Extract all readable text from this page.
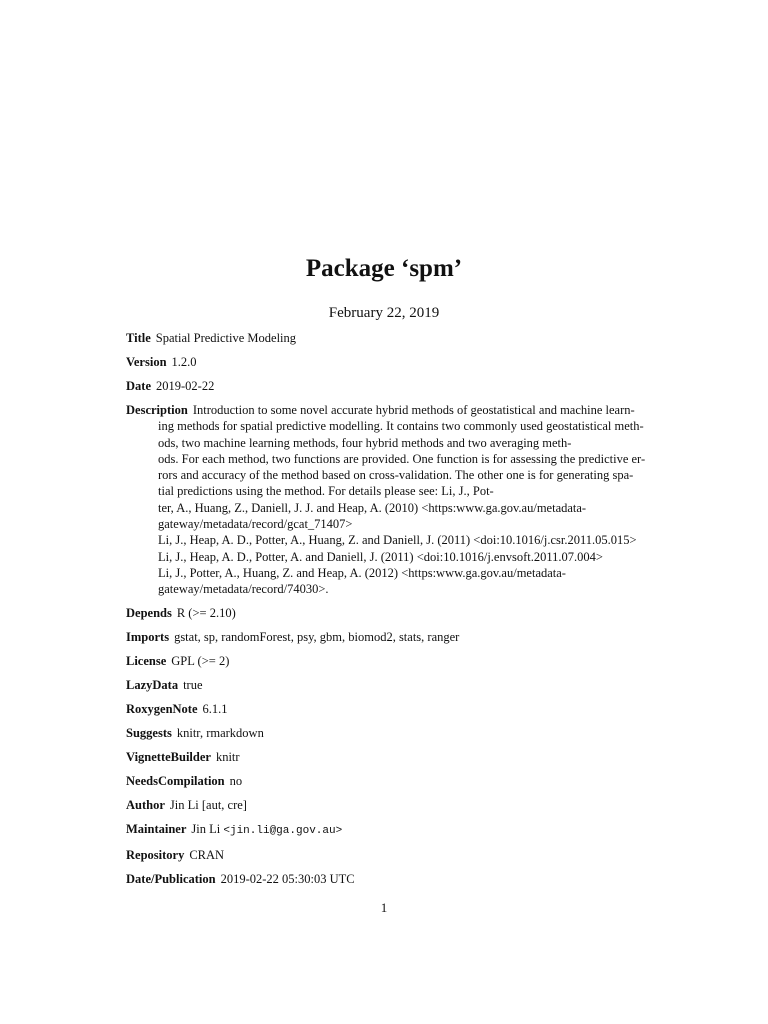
Package ‘spm’
February 22, 2019
Title Spatial Predictive Modeling
Version 1.2.0
Date 2019-02-22
Description Introduction to some novel accurate hybrid methods of geostatistical and machine learn-
ing methods for spatial predictive modelling. It contains two commonly used geostatistical meth-
ods, two machine learning methods, four hybrid methods and two averaging meth-
ods. For each method, two functions are provided. One function is for assessing the predictive er-
rors and accuracy of the method based on cross-validation. The other one is for generating spa-
tial predictions using the method. For details please see: Li, J., Pot-
ter, A., Huang, Z., Daniell, J. J. and Heap, A. (2010) <https:www.ga.gov.au/metadata-
gateway/metadata/record/gcat_71407>
Li, J., Heap, A. D., Potter, A., Huang, Z. and Daniell, J. (2011) <doi:10.1016/j.csr.2011.05.015>
Li, J., Heap, A. D., Potter, A. and Daniell, J. (2011) <doi:10.1016/j.envsoft.2011.07.004>
Li, J., Potter, A., Huang, Z. and Heap, A. (2012) <https:www.ga.gov.au/metadata-
gateway/metadata/record/74030>.
Depends R (>= 2.10)
Imports gstat, sp, randomForest, psy, gbm, biomod2, stats, ranger
License GPL (>= 2)
LazyData true
RoxygenNote 6.1.1
Suggests knitr, rmarkdown
VignetteBuilder knitr
NeedsCompilation no
Author Jin Li [aut, cre]
Maintainer Jin Li <jin.li@ga.gov.au>
Repository CRAN
Date/Publication 2019-02-22 05:30:03 UTC
1
